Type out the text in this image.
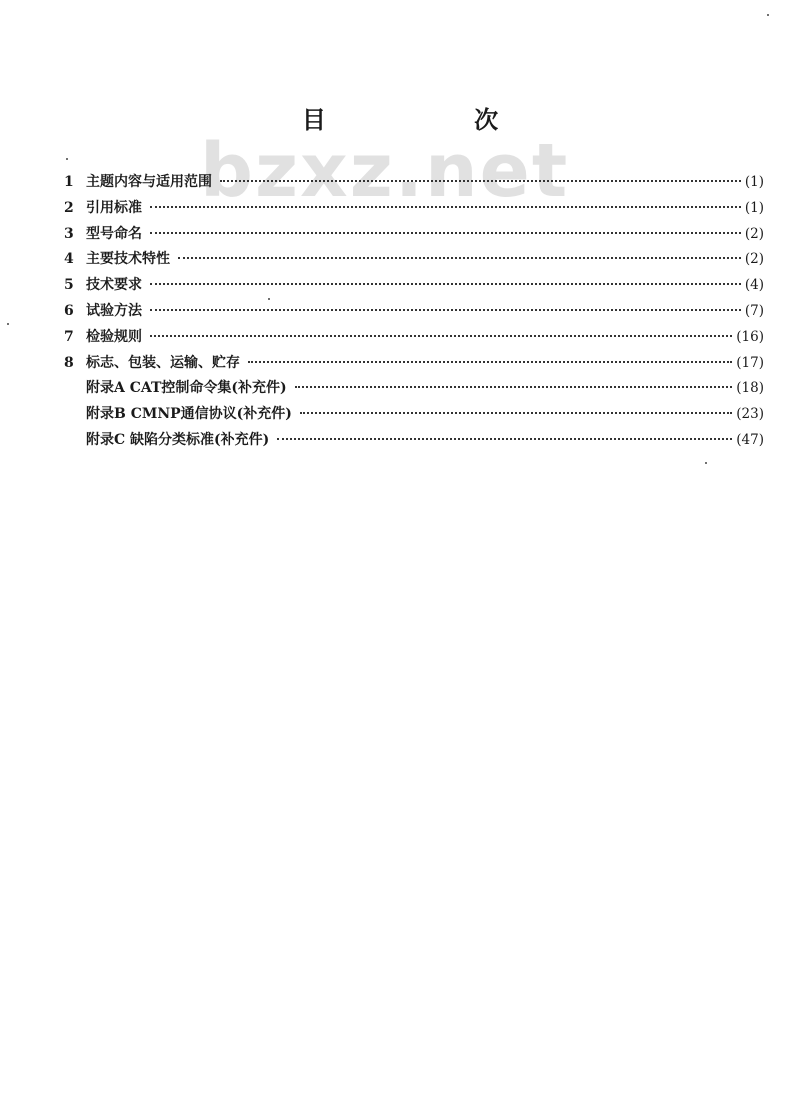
bzxz.net
目 次
1 主题内容与适用范围	(1)
2 引用标准	(1)
3 型号命名	(2)
4 主要技术特性	(2)
5 技术要求	(4)
6 试验方法	(7)
7 检验规则	(16)
8 标志、包装、运输、贮存	(17)
附录A CAT控制命令集(补充件)	(18)
附录B CMNP通信协议(补充件)	(23)
附录C 缺陷分类标准(补充件)	(47)
